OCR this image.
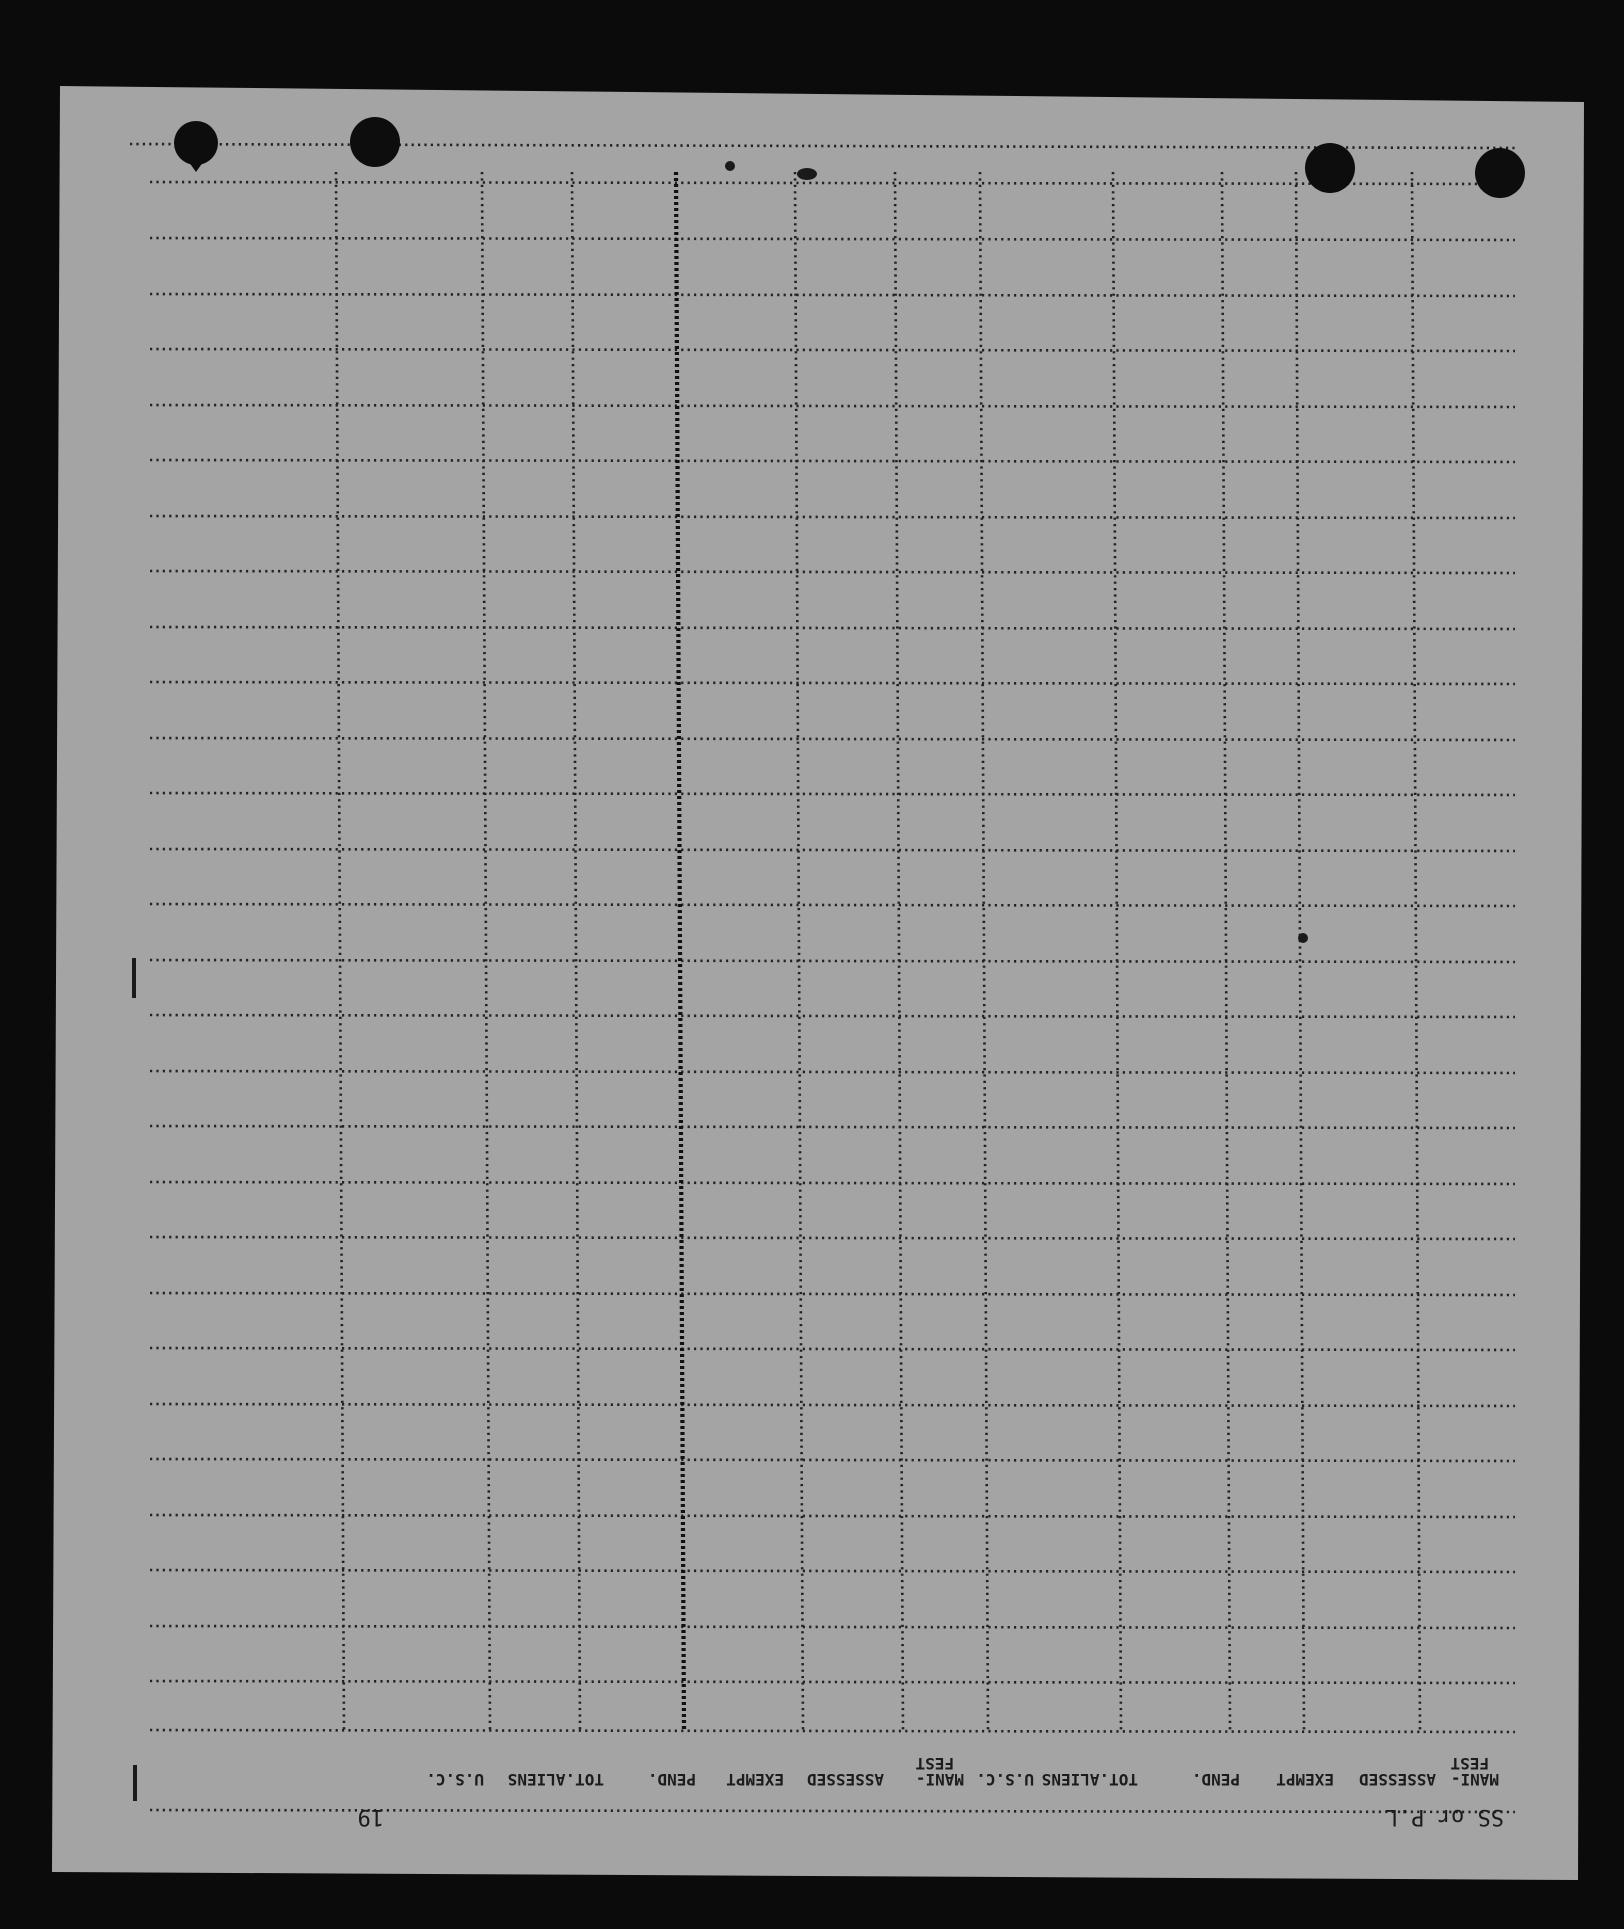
MANI-
FEST
ASSESSED
EXEMPT
PEND.
TOT.ALIENS
U.S.C.
MANI-
FEST
ASSESSED
EXEMPT
PEND.
TOT.ALIENS
U.S.C.
SS or P.L
19
